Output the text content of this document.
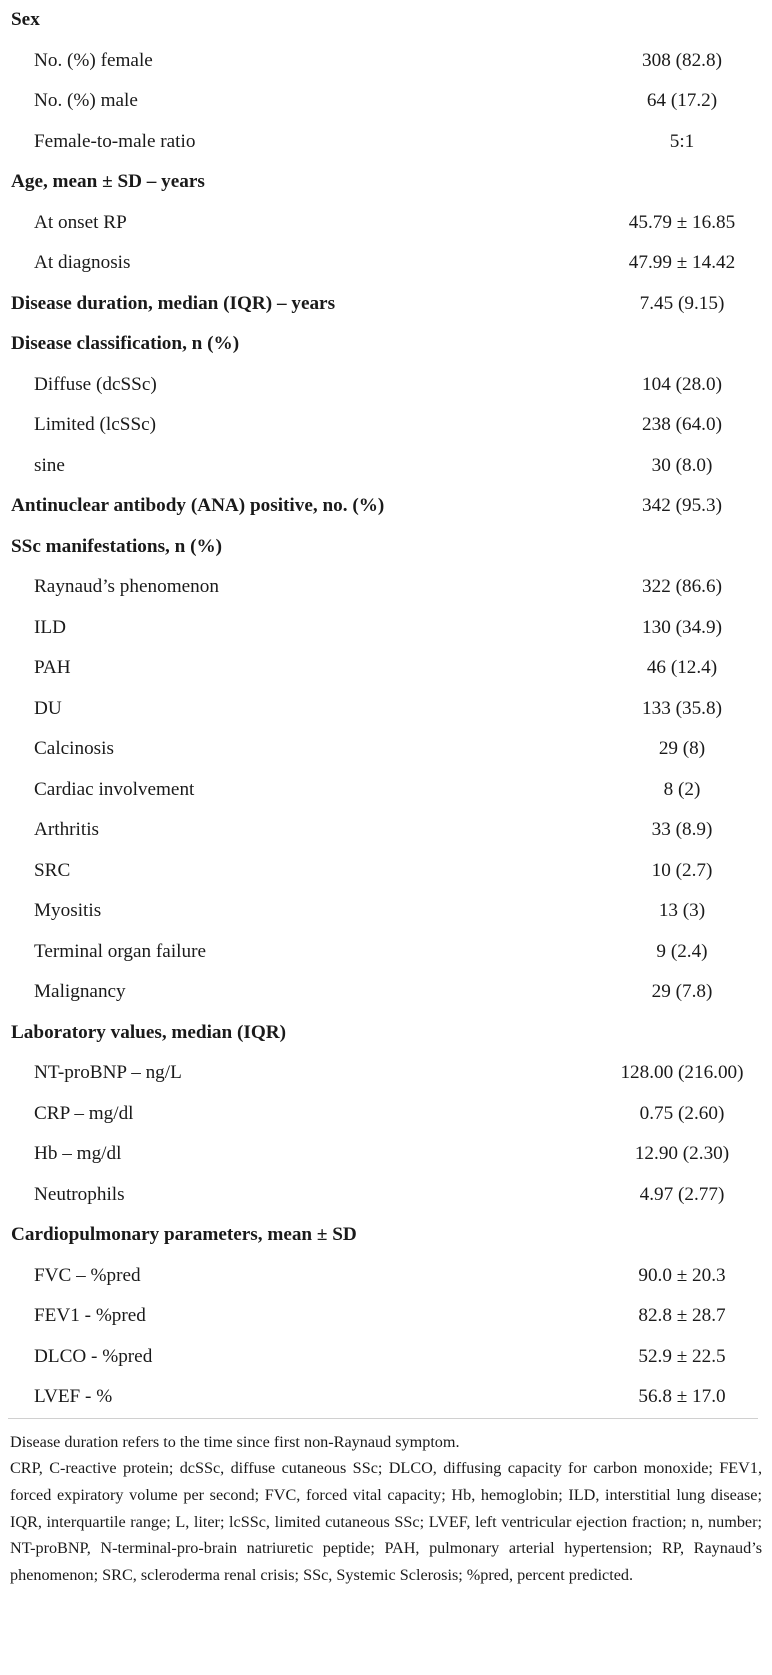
Sex
No. (%) female	308 (82.8)
No. (%) male	64 (17.2)
Female-to-male ratio	5:1
Age, mean ± SD – years
At onset RP	45.79 ± 16.85
At diagnosis	47.99 ± 14.42
Disease duration, median (IQR) – years	7.45 (9.15)
Disease classification, n (%)
Diffuse (dcSSc)	104 (28.0)
Limited (lcSSc)	238 (64.0)
sine	30 (8.0)
Antinuclear antibody (ANA) positive, no. (%)	342 (95.3)
SSc manifestations, n (%)
Raynaud’s phenomenon	322 (86.6)
ILD	130 (34.9)
PAH	46 (12.4)
DU	133 (35.8)
Calcinosis	29 (8)
Cardiac involvement	8 (2)
Arthritis	33 (8.9)
SRC	10 (2.7)
Myositis	13 (3)
Terminal organ failure	9 (2.4)
Malignancy	29 (7.8)
Laboratory values, median (IQR)
NT-proBNP – ng/L	128.00 (216.00)
CRP – mg/dl	0.75 (2.60)
Hb – mg/dl	12.90 (2.30)
Neutrophils	4.97 (2.77)
Cardiopulmonary parameters, mean ± SD
FVC – %pred	90.0 ± 20.3
FEV1 - %pred	82.8 ± 28.7
DLCO - %pred	52.9 ± 22.5
LVEF - %	56.8 ± 17.0

Disease duration refers to the time since first non-Raynaud symptom.

CRP, C-reactive protein; dcSSc, diffuse cutaneous SSc; DLCO, diffusing capacity for carbon monoxide; FEV1, forced expiratory volume per second; FVC, forced vital capacity; Hb, hemoglobin; ILD, interstitial lung disease; IQR, interquartile range; L, liter; lcSSc, limited cutaneous SSc; LVEF, left ventricular ejection fraction; n, number; NT-proBNP, N-terminal-pro-brain natriuretic peptide; PAH, pulmonary arterial hypertension; RP, Raynaud’s phenomenon; SRC, scleroderma renal crisis; SSc, Systemic Sclerosis; %pred, percent predicted.
